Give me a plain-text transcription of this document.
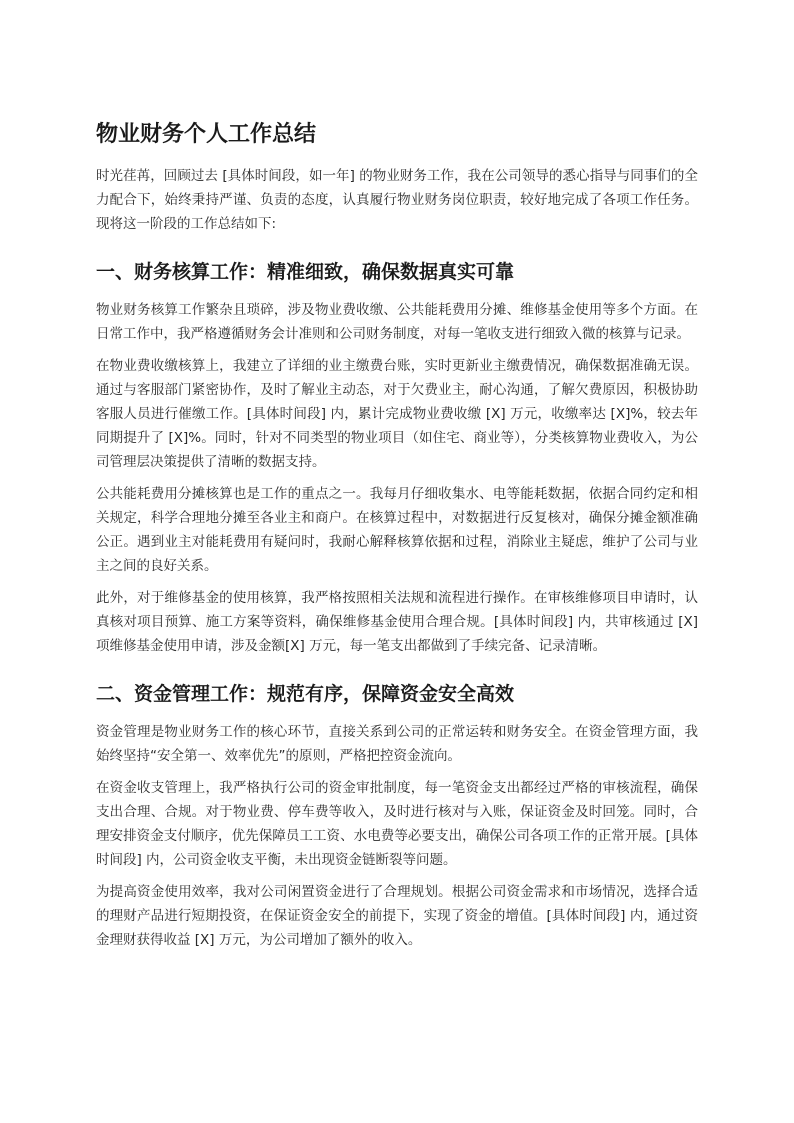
物业财务个人工作总结

时光荏苒，回顾过去 [具体时间段，如一年] 的物业财务工作，我在公司领导的悉心指导与同事们的全力配合下，始终秉持严谨、负责的态度，认真履行物业财务岗位职责，较好地完成了各项工作任务。现将这一阶段的工作总结如下:

一、财务核算工作：精准细致，确保数据真实可靠

物业财务核算工作繁杂且琐碎，涉及物业费收缴、公共能耗费用分摊、维修基金使用等多个方面。在日常工作中，我严格遵循财务会计准则和公司财务制度，对每一笔收支进行细致入微的核算与记录。

在物业费收缴核算上，我建立了详细的业主缴费台账，实时更新业主缴费情况，确保数据准确无误。通过与客服部门紧密协作，及时了解业主动态，对于欠费业主，耐心沟通，了解欠费原因，积极协助客服人员进行催缴工作。[具体时间段] 内，累计完成物业费收缴 [X] 万元，收缴率达 [X]%，较去年同期提升了 [X]%。同时，针对不同类型的物业项目（如住宅、商业等），分类核算物业费收入，为公司管理层决策提供了清晰的数据支持。

公共能耗费用分摊核算也是工作的重点之一。我每月仔细收集水、电等能耗数据，依据合同约定和相关规定，科学合理地分摊至各业主和商户。在核算过程中，对数据进行反复核对，确保分摊金额准确公正。遇到业主对能耗费用有疑问时，我耐心解释核算依据和过程，消除业主疑虑，维护了公司与业主之间的良好关系。

此外，对于维修基金的使用核算，我严格按照相关法规和流程进行操作。在审核维修项目申请时，认真核对项目预算、施工方案等资料，确保维修基金使用合理合规。[具体时间段] 内，共审核通过 [X] 项维修基金使用申请，涉及金额[X] 万元，每一笔支出都做到了手续完备、记录清晰。

二、资金管理工作：规范有序，保障资金安全高效

资金管理是物业财务工作的核心环节，直接关系到公司的正常运转和财务安全。在资金管理方面，我始终坚持“安全第一、效率优先”的原则，严格把控资金流向。

在资金收支管理上，我严格执行公司的资金审批制度，每一笔资金支出都经过严格的审核流程，确保支出合理、合规。对于物业费、停车费等收入，及时进行核对与入账，保证资金及时回笼。同时，合理安排资金支付顺序，优先保障员工工资、水电费等必要支出，确保公司各项工作的正常开展。[具体时间段] 内，公司资金收支平衡，未出现资金链断裂等问题。

为提高资金使用效率，我对公司闲置资金进行了合理规划。根据公司资金需求和市场情况，选择合适的理财产品进行短期投资，在保证资金安全的前提下，实现了资金的增值。[具体时间段] 内，通过资金理财获得收益 [X] 万元，为公司增加了额外的收入。
